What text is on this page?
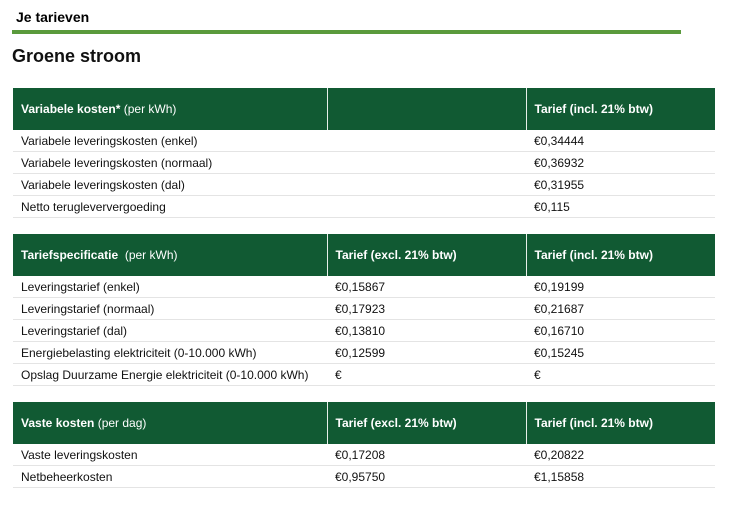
Je tarieven
Groene stroom
Variabele kosten* (per kWh)		Tarief (incl. 21% btw)
Variabele leveringskosten (enkel)		€0,34444
Variabele leveringskosten (normaal)		€0,36932
Variabele leveringskosten (dal)		€0,31955
Netto terugleververgoeding		€0,115
Tariefspecificatie  (per kWh)	Tarief (excl. 21% btw)	Tarief (incl. 21% btw)
Leveringstarief (enkel)	€0,15867	€0,19199
Leveringstarief (normaal)	€0,17923	€0,21687
Leveringstarief (dal)	€0,13810	€0,16710
Energiebelasting elektriciteit (0-10.000 kWh)	€0,12599	€0,15245
Opslag Duurzame Energie elektriciteit (0-10.000 kWh)	€	€
Vaste kosten (per dag)	Tarief (excl. 21% btw)	Tarief (incl. 21% btw)
Vaste leveringskosten	€0,17208	€0,20822
Netbeheerkosten	€0,95750	€1,15858
